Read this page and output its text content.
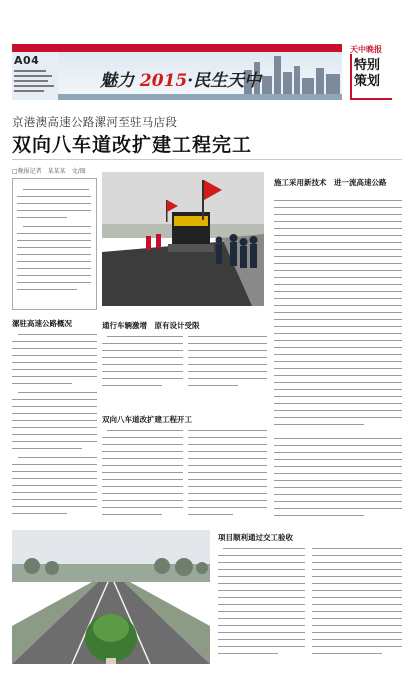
A04
魅力 2015·民生天中
天中晚报
特别
策划
京港澳高速公路漯河至驻马店段
双向八车道改扩建工程完工
□晚报记者　某某某　文/图
施工采用新技术　进一流高速公路
漯驻高速公路概况	通行车辆激增　原有设计受限
双向八车道改扩建工程开工
项目顺利通过交工验收
